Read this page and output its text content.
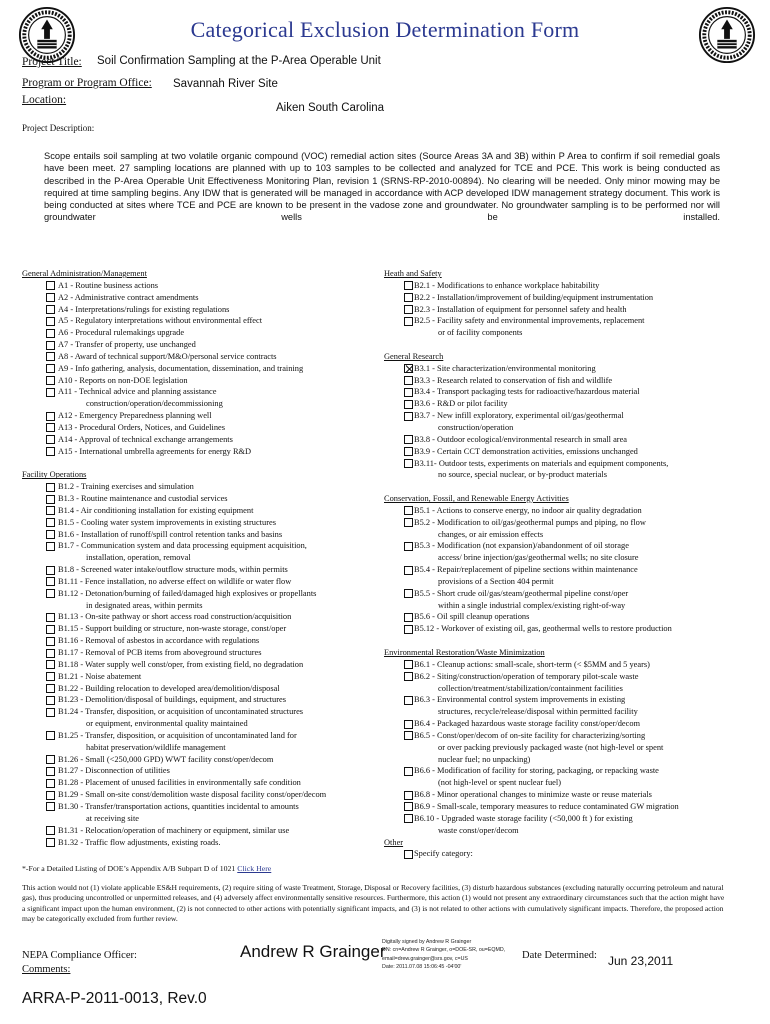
Categorical Exclusion Determination Form
Project Title: Soil Confirmation Sampling at the P-Area Operable Unit
Program or Program Office: Savannah River Site
Location:
Aiken South Carolina
Project Description:
Scope entails soil sampling at two volatile organic compound (VOC) remedial action sites (Source Areas 3A and 3B) within P Area to confirm if soil remedial goals have been meet. 27 sampling locations are planned with up to 103 samples to be collected and analyzed for TCE and PCE. This work is being conducted as described in the P-Area Operable Unit Effectiveness Monitoring Plan, revision 1 (SRNS-RP-2010-00894). No clearing will be needed. Only minor mowing may be required at time sampling begins. Any IDW that is generated will be managed in accordance with ACP developed IDW management strategy document. This work is being conducted at sites where TCE and PCE are known to be present in the vadose zone and groundwater. No groundwater sampling is to be performed nor will groundwater wells be installed.
General Administration/Management
A1 - Routine business actions
A2 - Administrative contract amendments
A4 - Interpretations/rulings for existing regulations
A5 - Regulatory interpretations without environmental effect
A6 - Procedural rulemakings upgrade
A7 - Transfer of property, use unchanged
A8 - Award of technical support/M&O/personal service contracts
A9 - Info gathering, analysis, documentation, dissemination, and training
A10 - Reports on non-DOE legislation
A11 - Technical advice and planning assistance
construction/operation/decommissioning
A12 - Emergency Preparedness planning well
A13 - Procedural Orders, Notices, and Guidelines
A14 - Approval of technical exchange arrangements
A15 - International umbrella agreements for energy R&D
Facility Operations
B1.2 - Training exercises and simulation
B1.3 - Routine maintenance and custodial services
B1.4 - Air conditioning installation for existing equipment
B1.5 - Cooling water system improvements in existing structures
B1.6 - Installation of runoff/spill control retention tanks and basins
B1.7 - Communication system and data processing equipment acquisition,
installation, operation, removal
B1.8 - Screened water intake/outflow structure mods, within permits
B1.11 - Fence installation, no adverse effect on wildlife or water flow
B1.12 - Detonation/burning of failed/damaged high explosives or propellants
in designated areas, within permits
B1.13 - On-site pathway or short access road construction/acquisition
B1.15 - Support building or structure, non-waste storage, const/oper
B1.16 - Removal of asbestos in accordance with regulations
B1.17 - Removal of PCB items from aboveground structures
B1.18 - Water supply well const/oper, from existing field, no degradation
B1.21 - Noise abatement
B1.22 - Building relocation to developed area/demolition/disposal
B1.23 - Demolition/disposal of buildings, equipment, and structures
B1.24 - Transfer, disposition, or acquisition of uncontaminated structures
or equipment, environmental quality maintained
B1.25 - Transfer, disposition, or acquisition of uncontaminated land for
habitat preservation/wildlife management
B1.26 - Small (<250,000 GPD) WWT facility const/oper/decom
B1.27 - Disconnection of utilities
B1.28 - Placement of unused facilities in environmentally safe condition
B1.29 - Small on-site const/demolition waste disposal facility const/oper/decom
B1.30 - Transfer/transportation actions, quantities incidental to amounts
at receiving site
B1.31 - Relocation/operation of machinery or equipment, similar use
B1.32 - Traffic flow adjustments, existing roads.
Heath and Safety
B2.1 - Modifications to enhance workplace habitability
B2.2 - Installation/improvement of building/equipment instrumentation
B2.3 - Installation of equipment for personnel safety and health
B2.5 - Facility safety and environmental improvements, replacement
or of facility components
General Research
B3.1 - Site characterization/environmental monitoring
B3.3 - Research related to conservation of fish and wildlife
B3.4 - Transport packaging tests for radioactive/hazardous material
B3.6 - R&D or pilot facility
B3.7 - New infill exploratory, experimental oil/gas/geothermal
construction/operation
B3.8 - Outdoor ecological/environmental research in small area
B3.9 - Certain CCT demonstration activities, emissions unchanged
B3.11- Outdoor tests, experiments on materials and equipment components,
no source, special nuclear, or by-product materials
Conservation, Fossil, and Renewable Energy Activities
B5.1 - Actions to conserve energy, no indoor air quality degradation
B5.2 - Modification to oil/gas/geothermal pumps and piping, no flow
changes, or air emission effects
B5.3 - Modification (not expansion)/abandonment of oil storage
access/ brine injection/gas/geothermal wells; no site closure
B5.4 - Repair/replacement of pipeline sections within maintenance
provisions of a Section 404 permit
B5.5 - Short crude oil/gas/steam/geothermal pipeline const/oper
within a single industrial complex/existing right-of-way
B5.6 - Oil spill cleanup operations
B5.12 - Workover of existing oil, gas, geothermal wells to restore production
Environmental Restoration/Waste Minimization
B6.1 - Cleanup actions: small-scale, short-term (< $5MM and 5 years)
B6.2 - Siting/construction/operation of temporary pilot-scale waste
collection/treatment/stabilization/containment facilities
B6.3 - Environmental control system improvements in existing
structures, recycle/release/disposal within permitted facility
B6.4 - Packaged hazardous waste storage facility const/oper/decom
B6.5 - Const/oper/decom of on-site facility for characterizing/sorting
or over packing previously packaged waste (not high-level or spent
nuclear fuel; no unpacking)
B6.6 - Modification of facility for storing, packaging, or repacking waste
(not high-level or spent nuclear fuel)
B6.8 - Minor operational changes to minimize waste or reuse materials
B6.9 - Small-scale, temporary measures to reduce contaminated GW migration
B6.10 - Upgraded waste storage facility (<50,000 ft ) for existing
waste const/oper/decom
Other
Specify category:
*-For a Detailed Listing of DOE’s Appendix A/B Subpart D of 1021 Click Here
This action would not (1) violate applicable ES&H requirements, (2) require siting of waste Treatment, Storage, Disposal or Recovery facilities, (3) disturb hazardous substances (excluding naturally occurring petroleum and natural gas), thus producing uncontrolled or unpermitted releases, and (4) adversely affect environmentally sensitive resources. Furthermore, this action (1) would not present any extraordinary circumstances such that the action might have a significant impact upon the human environment, (2) is not connected to other actions with potentially significant impacts, and (3) is not related to other actions with cumulatively significant impacts. Therefore, the proposed action may be categorically excluded from further review.
NEPA Compliance Officer:
Comments:
Andrew R Grainger
Digitally signed by Andrew R Grainger
DN: cn=Andrew R Grainger, o=DOE-SR, ou=EQMD,
email=drew.grainger@srs.gov, c=US
Date: 2011.07.08 15:06:45 -04'00'
Date Determined: Jun 23,2011
ARRA-P-2011-0013, Rev.0
